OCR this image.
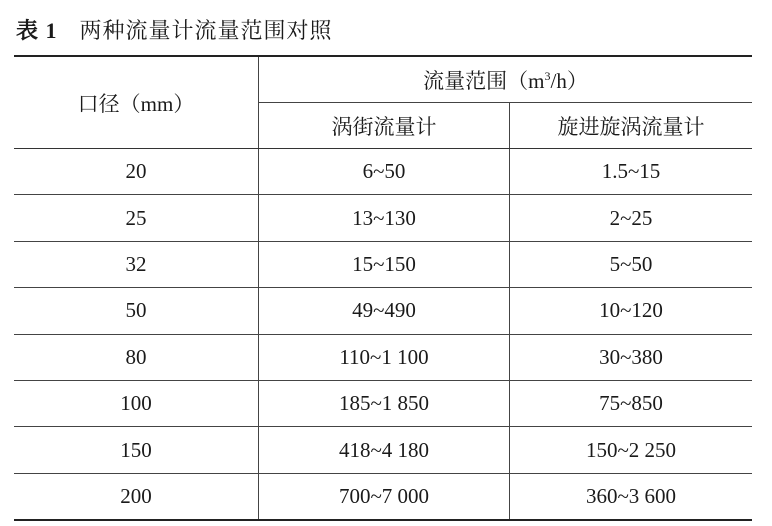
表 1 两种流量计流量范围对照
口径（mm）	流量范围$(m^3/h)$	
	涡街流量计	旋进旋涡流量计
20	6~50	1.5~15
25	13~130	2~25
32	15~150	5~50
50	49~490	10~120
80	110~1 100	30~380
100	185~1 850	75~850
150	418~4 180	150~2 250
200	700~7 000	360~3 600
